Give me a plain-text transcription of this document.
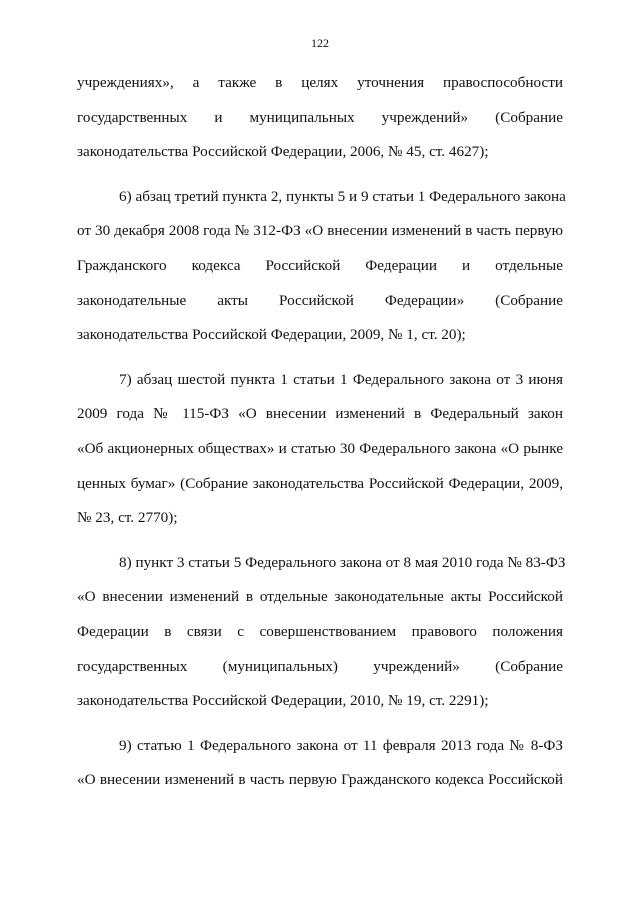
122
учреждениях», а также в целях уточнения правоспособности
государственных и муниципальных учреждений» (Собрание
законодательства Российской Федерации, 2006, № 45, ст. 4627);
6) абзац третий пункта 2, пункты 5 и 9 статьи 1 Федерального закона
от 30 декабря 2008 года № 312-ФЗ «О внесении изменений в часть первую
Гражданского кодекса Российской Федерации и отдельные
законодательные акты Российской Федерации» (Собрание
законодательства Российской Федерации, 2009, № 1, ст. 20);
7) абзац шестой пункта 1 статьи 1 Федерального закона от 3 июня
2009 года № 115-ФЗ «О внесении изменений в Федеральный закон
«Об акционерных обществах» и статью 30 Федерального закона «О рынке
ценных бумаг» (Собрание законодательства Российской Федерации, 2009,
№ 23, ст. 2770);
8) пункт 3 статьи 5 Федерального закона от 8 мая 2010 года № 83-ФЗ
«О внесении изменений в отдельные законодательные акты Российской
Федерации в связи с совершенствованием правового положения
государственных (муниципальных) учреждений» (Собрание
законодательства Российской Федерации, 2010, № 19, ст. 2291);
9) статью 1 Федерального закона от 11 февраля 2013 года № 8-ФЗ
«О внесении изменений в часть первую Гражданского кодекса Российской
